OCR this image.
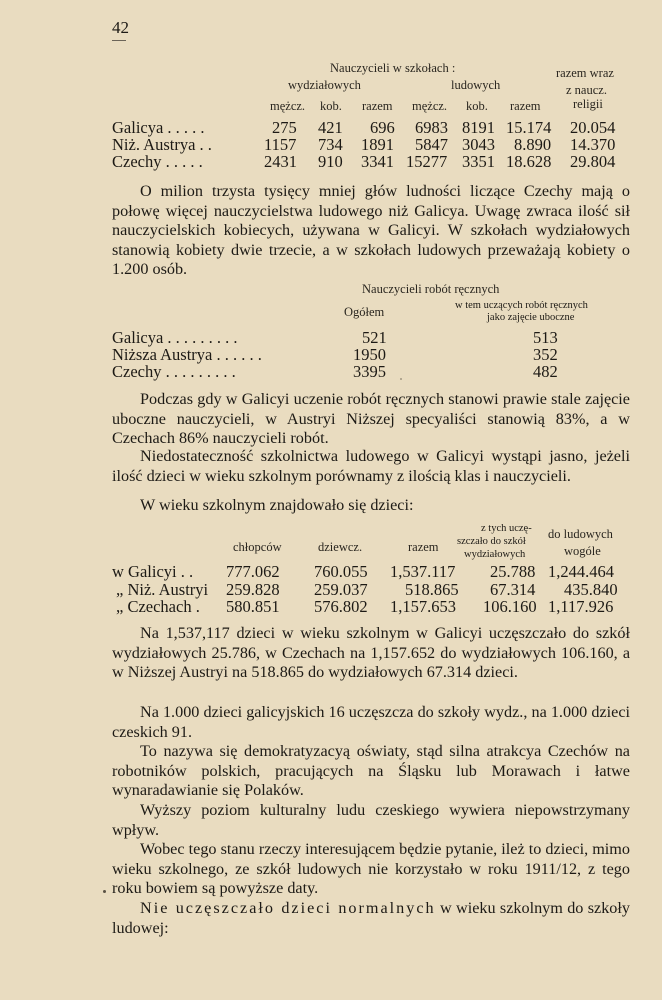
42
Nauczycieli w szkołach :
wydziałowych	ludowych
razem wraz
z naucz.
religii
mężcz. kob. razem mężcz. kob. razem
Galicya . . . . .	275 421 696 6983 8191 15.174 20.054
Niż. Austrya . .	1157 734 1891 5847 3043 8.890 14.370
Czechy . . . . .	2431 910 3341 15277 3351 18.628 29.804
O milion trzysta tysięcy mniej głów ludności liczące Czechy mają o połowę więcej nauczycielstwa ludowego niż Galicya. Uwagę zwraca ilość sił nauczycielskich kobiecych, używana w Galicyi. W szkołach wydziałowych stanowią kobiety dwie trzecie, a w szkołach ludowych przeważają kobiety o 1.200 osób.
Nauczycieli robót ręcznych
Ogółem	w tem uczących robót ręcznych
jako zajęcie uboczne
Galicya . . . . . . . . .	521	513
Niższa Austrya . . . . . .	1950	352
Czechy . . . . . . . . .	3395	482
Podczas gdy w Galicyi uczenie robót ręcznych stanowi prawie stale zajęcie uboczne nauczycieli, w Austryi Niższej specyaliści stanowią 83%, a w Czechach 86% nauczycieli robót.
Niedostateczność szkolnictwa ludowego w Galicyi wystąpi jasno, jeżeli ilość dzieci w wieku szkolnym porównamy z ilością klas i nauczycieli.
W wieku szkolnym znajdowało się dzieci:
chłopców	dziewcz.	razem
z tych uczę-
szczało do szkół
wydziałowych
do ludowych
wogóle
w Galicyi . . 777.062 760.055 1,537.117 25.788 1,244.464
„ Niż. Austryi 259.828 259.037 518.865 67.314 435.840
„ Czechach . 580.851 576.802 1,157.653 106.160 1,117.926
Na 1,537,117 dzieci w wieku szkolnym w Galicyi uczęszczało do szkół wydziałowych 25.786, w Czechach na 1,157.652 do wydziałowych 106.160, a w Niższej Austryi na 518.865 do wydziałowych 67.314 dzieci.
Na 1.000 dzieci galicyjskich 16 uczęszcza do szkoły wydz., na 1.000 dzieci czeskich 91.
To nazywa się demokratyzacyą oświaty, stąd silna atrakcya Czechów na robotników polskich, pracujących na Śląsku lub Morawach i łatwe wynaradawianie się Polaków.
Wyższy poziom kulturalny ludu czeskiego wywiera niepowstrzymany wpływ.
Wobec tego stanu rzeczy interesującem będzie pytanie, ileż to dzieci, mimo wieku szkolnego, ze szkół ludowych nie korzystało w roku 1911/12, z tego roku bowiem są powyższe daty.
Nie uczęszczało dzieci normalnych w wieku szkolnym do szkoły ludowej:
